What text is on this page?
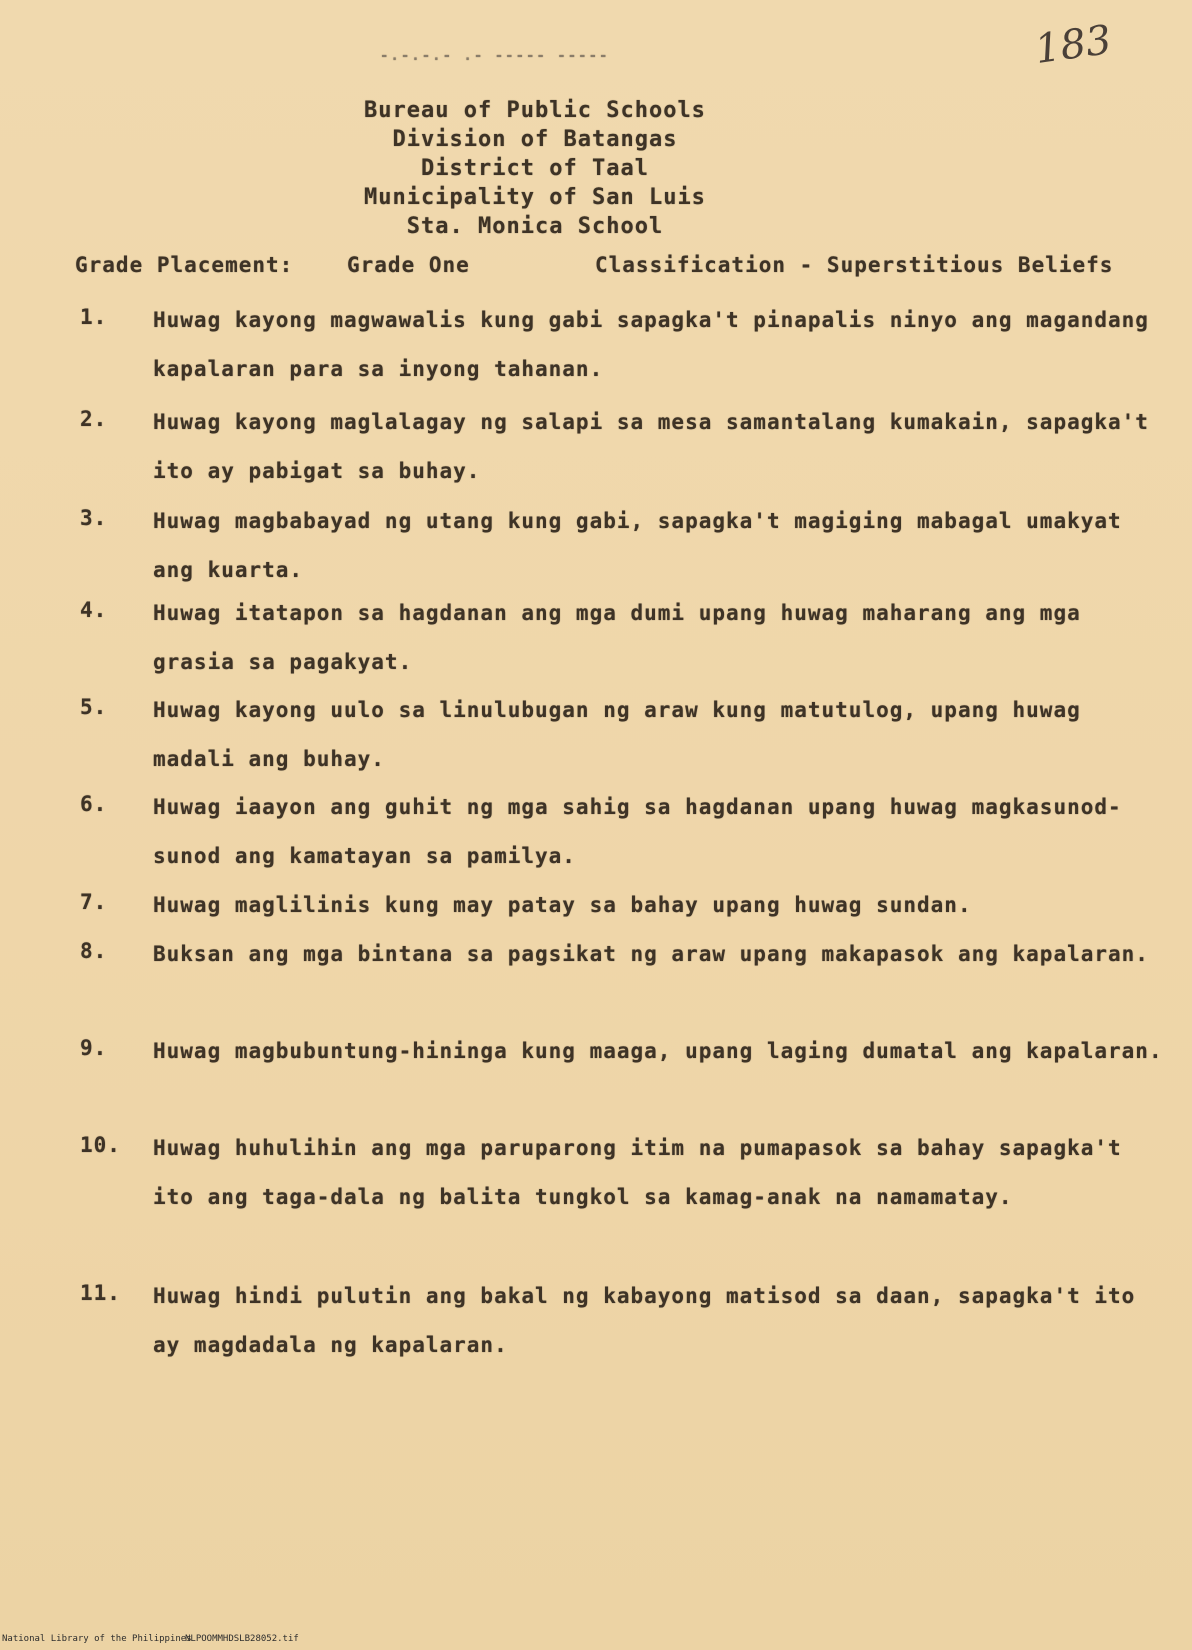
183
-.-.-.- .- ----- -----
Bureau of Public Schools
Division of Batangas
District of Taal
Municipality of San Luis
Sta. Monica School
Grade Placement:	Grade One	Classification - Superstitious Beliefs
1.	Huwag kayong magwawalis kung gabi sapagka't pinapalis ninyo ang magandang kapalaran para sa inyong tahanan.
2.	Huwag kayong maglalagay ng salapi sa mesa samantalang kumakain, sapagka't ito ay pabigat sa buhay.
3.	Huwag magbabayad ng utang kung gabi, sapagka't magiging mabagal umakyat ang kuarta.
4.	Huwag itatapon sa hagdanan ang mga dumi upang huwag maharang ang mga grasia sa pagakyat.
5.	Huwag kayong uulo sa linulubugan ng araw kung matutulog, upang huwag madali ang buhay.
6.	Huwag iaayon ang guhit ng mga sahig sa hagdanan upang huwag magkasunod-sunod ang kamatayan sa pamilya.
7.	Huwag maglilinis kung may patay sa bahay upang huwag sundan.
8.	Buksan ang mga bintana sa pagsikat ng araw upang makapasok ang kapalaran.
9.	Huwag magbubuntung-hininga kung maaga, upang laging dumatal ang kapalaran.
10.	Huwag huhulihin ang mga paruparong itim na pumapasok sa bahay sapagka't ito ang taga-dala ng balita tungkol sa kamag-anak na namamatay.
11.	Huwag hindi pulutin ang bakal ng kabayong matisod sa daan, sapagka't ito ay magdadala ng kapalaran.
National Library of the Philippines
NLPOOMMHDSLB28052.tif
